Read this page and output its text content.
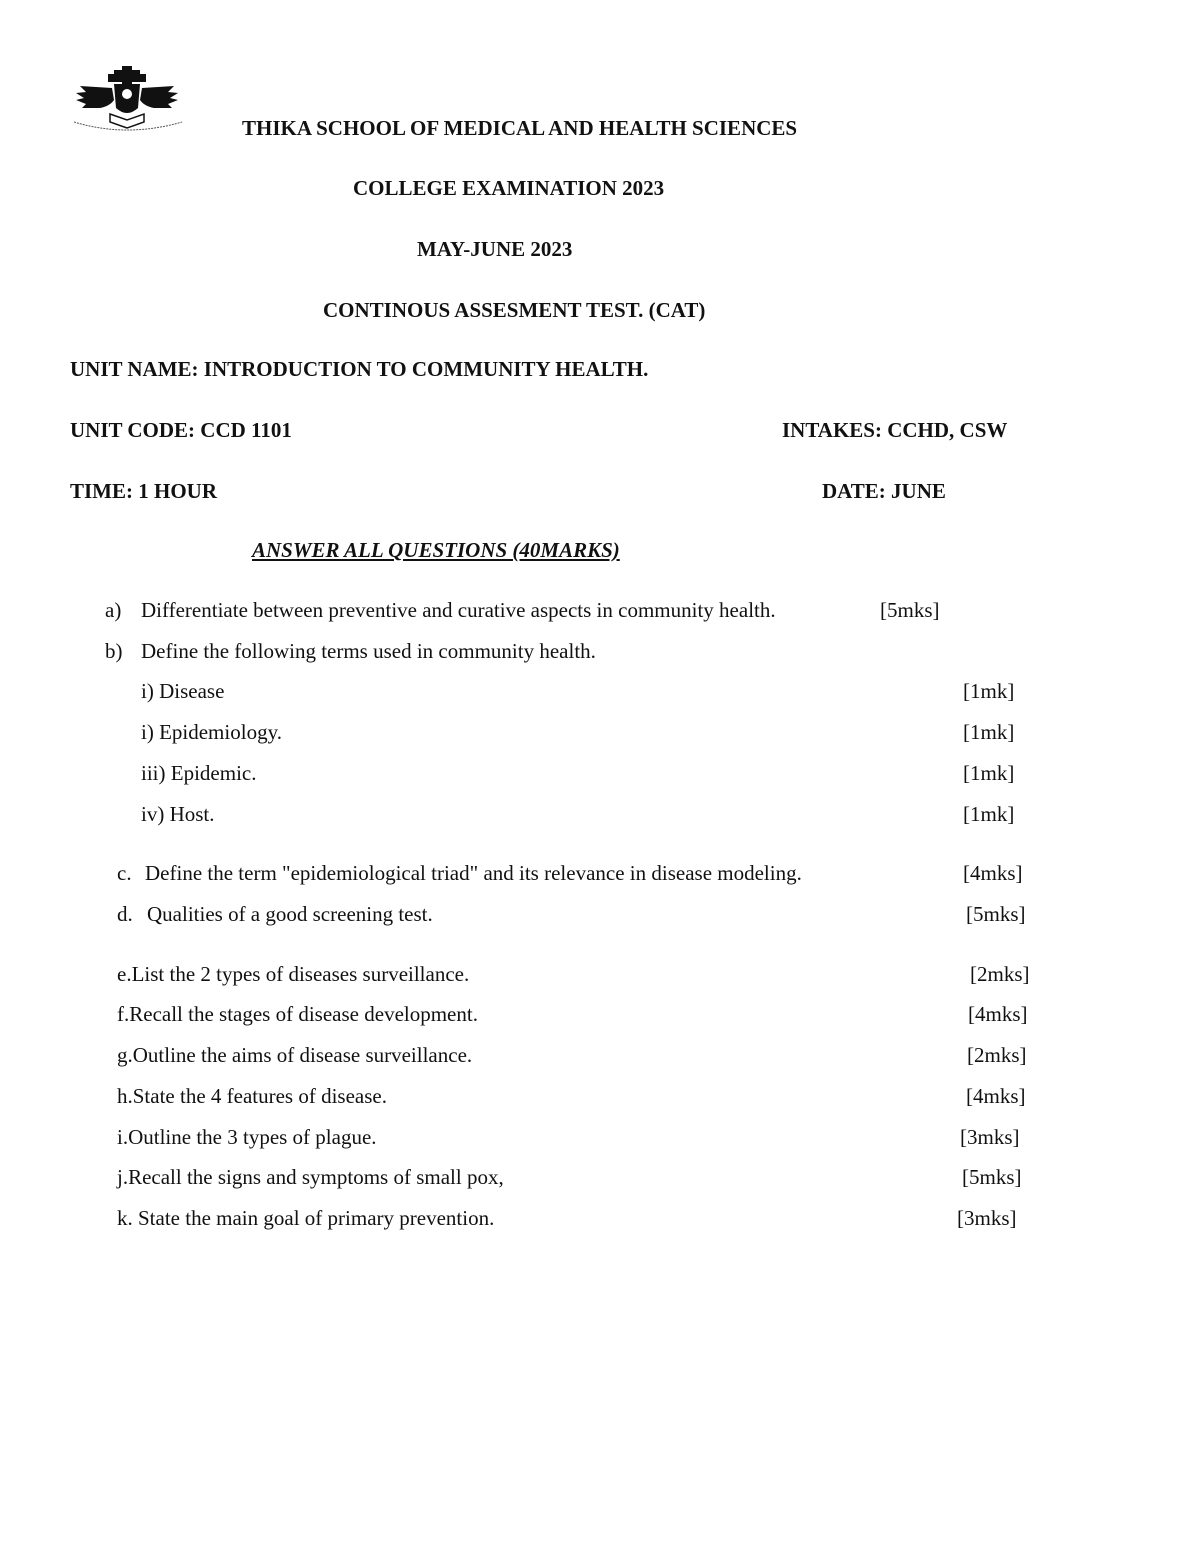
THIKA SCHOOL OF MEDICAL AND HEALTH SCIENCES
COLLEGE EXAMINATION 2023
MAY-JUNE 2023
CONTINOUS ASSESMENT TEST. (CAT)
UNIT NAME: INTRODUCTION TO COMMUNITY HEALTH.
UNIT CODE: CCD 1101	INTAKES: CCHD, CSW
TIME: 1 HOUR	DATE: JUNE
ANSWER ALL QUESTIONS (40MARKS)
a) Differentiate between preventive and curative aspects in community health.	[5mks]
b) Define the following terms used in community health.
i) Disease	[1mk]
i) Epidemiology.	[1mk]
iii) Epidemic.	[1mk]
iv) Host.	[1mk]
c. Define the term "epidemiological triad" and its relevance in disease modeling.	[4mks]
d. Qualities of a good screening test.	[5mks]
e.List the 2 types of diseases surveillance.	[2mks]
f.Recall the stages of disease development.	[4mks]
g.Outline the aims of disease surveillance.	[2mks]
h.State the 4 features of disease.	[4mks]
i.Outline the 3 types of plague.	[3mks]
j.Recall the signs and symptoms of small pox,	[5mks]
k. State the main goal of primary prevention.	[3mks]
